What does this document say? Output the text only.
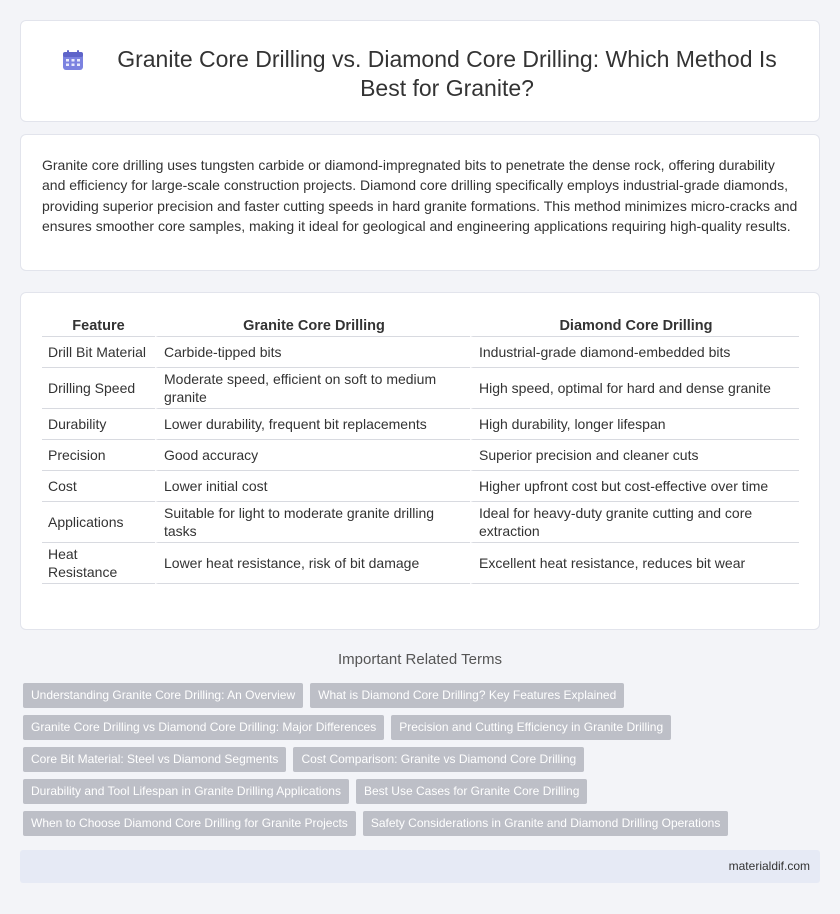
Granite Core Drilling vs. Diamond Core Drilling: Which Method Is Best for Granite?

Granite core drilling uses tungsten carbide or diamond-impregnated bits to penetrate the dense rock, offering durability and efficiency for large-scale construction projects. Diamond core drilling specifically employs industrial-grade diamonds, providing superior precision and faster cutting speeds in hard granite formations. This method minimizes micro-cracks and ensures smoother core samples, making it ideal for geological and engineering applications requiring high-quality results.

Feature	Granite Core Drilling	Diamond Core Drilling
Drill Bit Material	Carbide-tipped bits	Industrial-grade diamond-embedded bits
Drilling Speed	Moderate speed, efficient on soft to medium granite	High speed, optimal for hard and dense granite
Durability	Lower durability, frequent bit replacements	High durability, longer lifespan
Precision	Good accuracy	Superior precision and cleaner cuts
Cost	Lower initial cost	Higher upfront cost but cost-effective over time
Applications	Suitable for light to moderate granite drilling tasks	Ideal for heavy-duty granite cutting and core extraction
Heat Resistance	Lower heat resistance, risk of bit damage	Excellent heat resistance, reduces bit wear
Important Related Terms
Understanding Granite Core Drilling: An Overview	What is Diamond Core Drilling? Key Features Explained
Granite Core Drilling vs Diamond Core Drilling: Major Differences	Precision and Cutting Efficiency in Granite Drilling
Core Bit Material: Steel vs Diamond Segments	Cost Comparison: Granite vs Diamond Core Drilling
Durability and Tool Lifespan in Granite Drilling Applications	Best Use Cases for Granite Core Drilling
When to Choose Diamond Core Drilling for Granite Projects	Safety Considerations in Granite and Diamond Drilling Operations
materialdif.com
